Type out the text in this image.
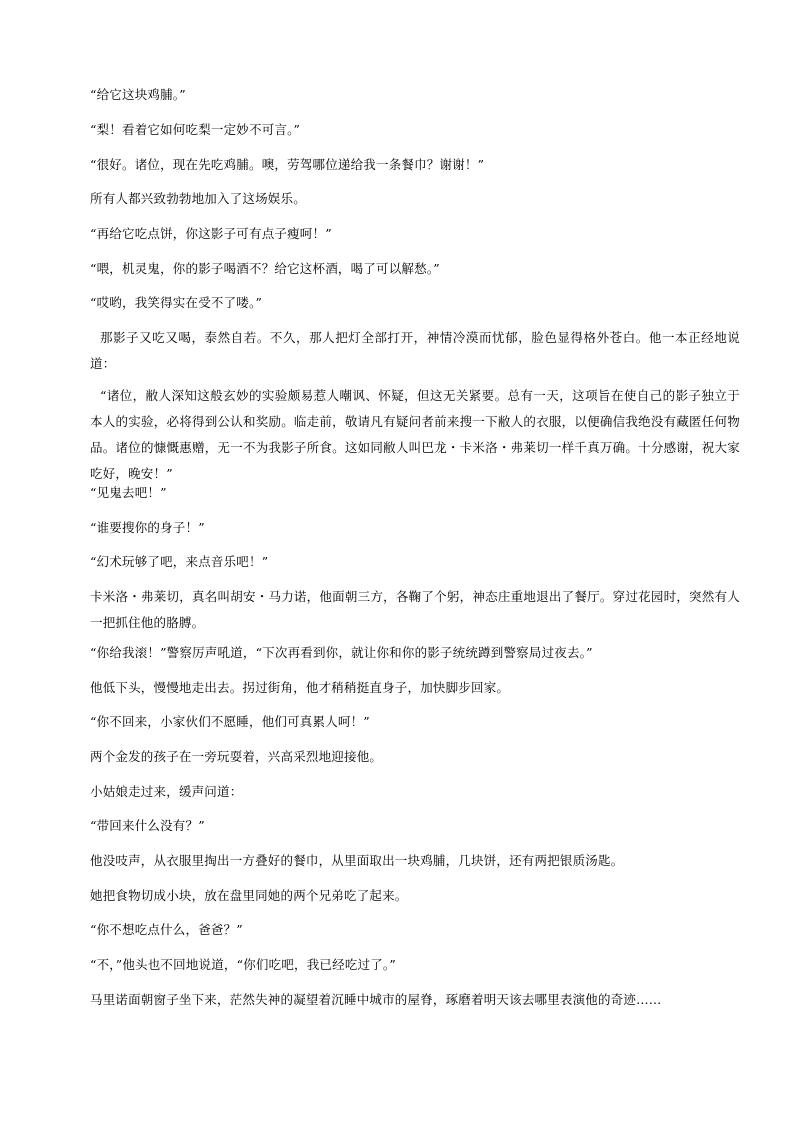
“给它这块鸡脯。”

“梨！看着它如何吃梨一定妙不可言。”

“很好。诸位，现在先吃鸡脯。噢，劳驾哪位递给我一条餐巾？谢谢！”

所有人都兴致勃勃地加入了这场娱乐。

“再给它吃点饼，你这影子可有点子瘦呵！”

“喂，机灵鬼，你的影子喝酒不？给它这杯酒，喝了可以解愁。”

“哎哟，我笑得实在受不了喽。”

那影子又吃又喝，泰然自若。不久，那人把灯全部打开，神情冷漠而忧郁，脸色显得格外苍白。他一本正经地说道：

“诸位，敝人深知这般玄妙的实验颇易惹人嘲讽、怀疑，但这无关紧要。总有一天，这项旨在使自己的影子独立于本人的实验，必将得到公认和奖励。临走前，敬请凡有疑问者前来搜一下敝人的衣服，以便确信我绝没有藏匿任何物品。诸位的慷慨惠赠，无一不为我影子所食。这如同敝人叫巴龙・卡米洛・弗莱切一样千真万确。十分感谢，祝大家吃好，晚安！”

“见鬼去吧！”

“谁要搜你的身子！”

“幻术玩够了吧，来点音乐吧！”

卡米洛・弗莱切，真名叫胡安・马力诺，他面朝三方，各鞠了个躬，神态庄重地退出了餐厅。穿过花园时，突然有人一把抓住他的胳膊。

“你给我滚！”警察厉声吼道，“下次再看到你，就让你和你的影子统统蹲到警察局过夜去。”

他低下头，慢慢地走出去。拐过街角，他才稍稍挺直身子，加快脚步回家。

“你不回来，小家伙们不愿睡，他们可真累人呵！”

两个金发的孩子在一旁玩耍着，兴高采烈地迎接他。

小姑娘走过来，缓声问道：

“带回来什么没有？”

他没吱声，从衣服里掏出一方叠好的餐巾，从里面取出一块鸡脯，几块饼，还有两把银质汤匙。

她把食物切成小块，放在盘里同她的两个兄弟吃了起来。

“你不想吃点什么，爸爸？”

“不，”他头也不回地说道，“你们吃吧，我已经吃过了。”

马里诺面朝窗子坐下来，茫然失神的凝望着沉睡中城市的屋脊，琢磨着明天该去哪里表演他的奇迹……
